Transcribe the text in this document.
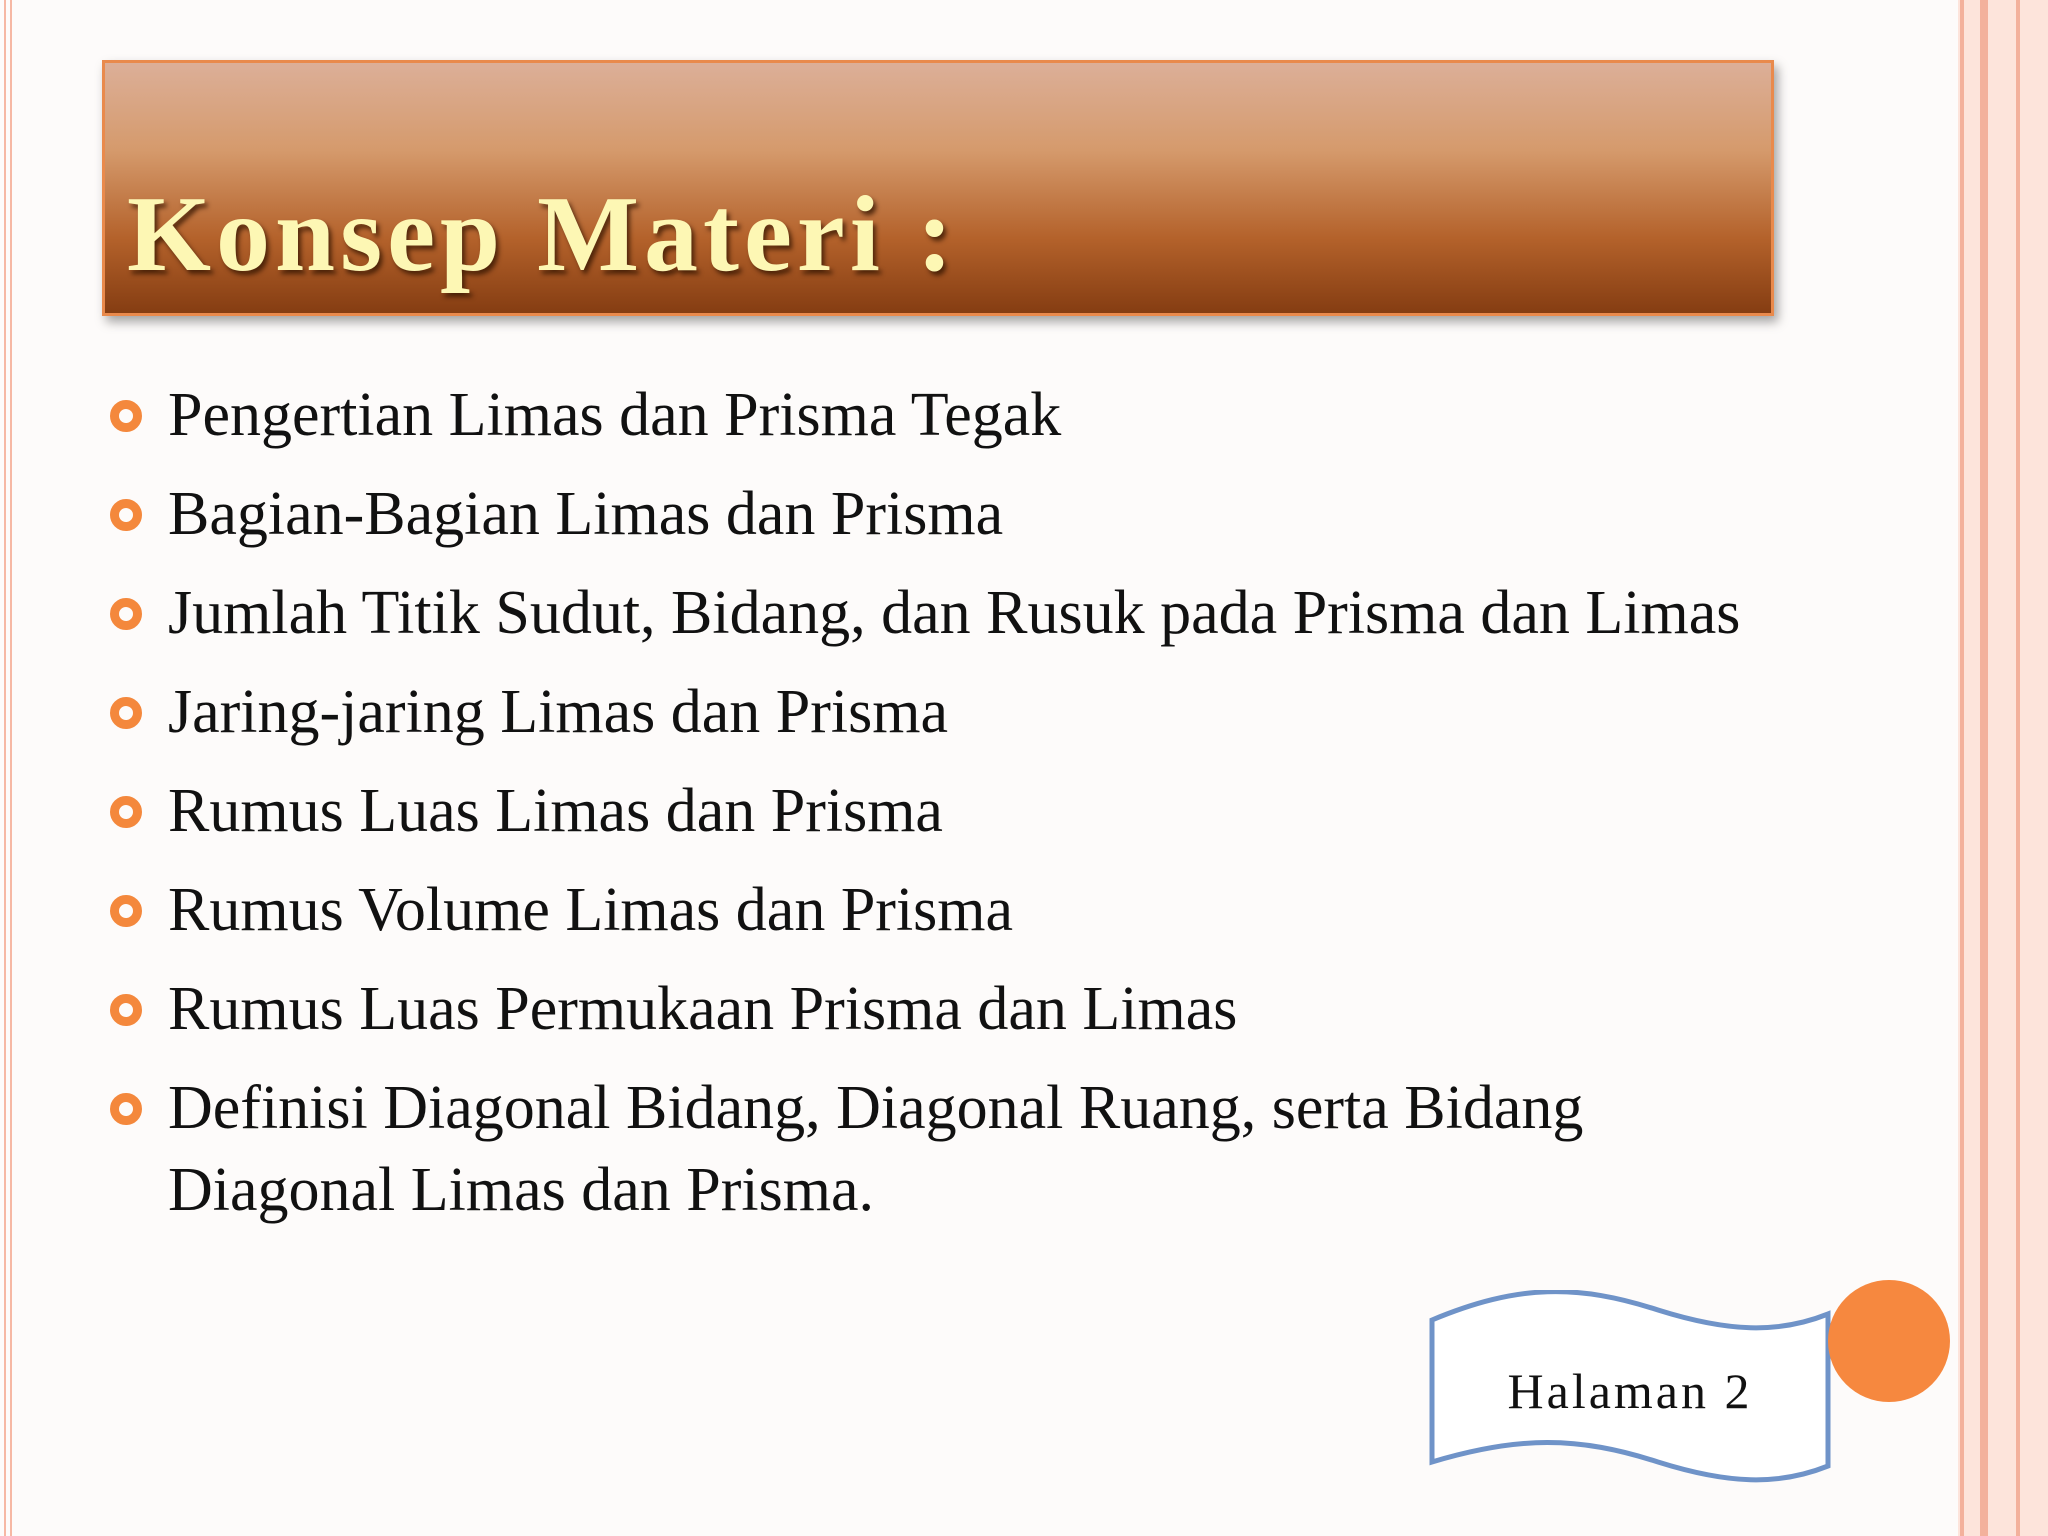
Konsep Materi :
Pengertian Limas dan Prisma Tegak
Bagian-Bagian Limas dan Prisma
Jumlah Titik Sudut, Bidang, dan Rusuk pada Prisma dan Limas
Jaring-jaring Limas dan Prisma
Rumus Luas Limas dan Prisma
Rumus Volume Limas dan Prisma
Rumus Luas Permukaan Prisma dan Limas
Definisi Diagonal Bidang, Diagonal Ruang, serta Bidang Diagonal Limas dan Prisma.
Halaman 2
